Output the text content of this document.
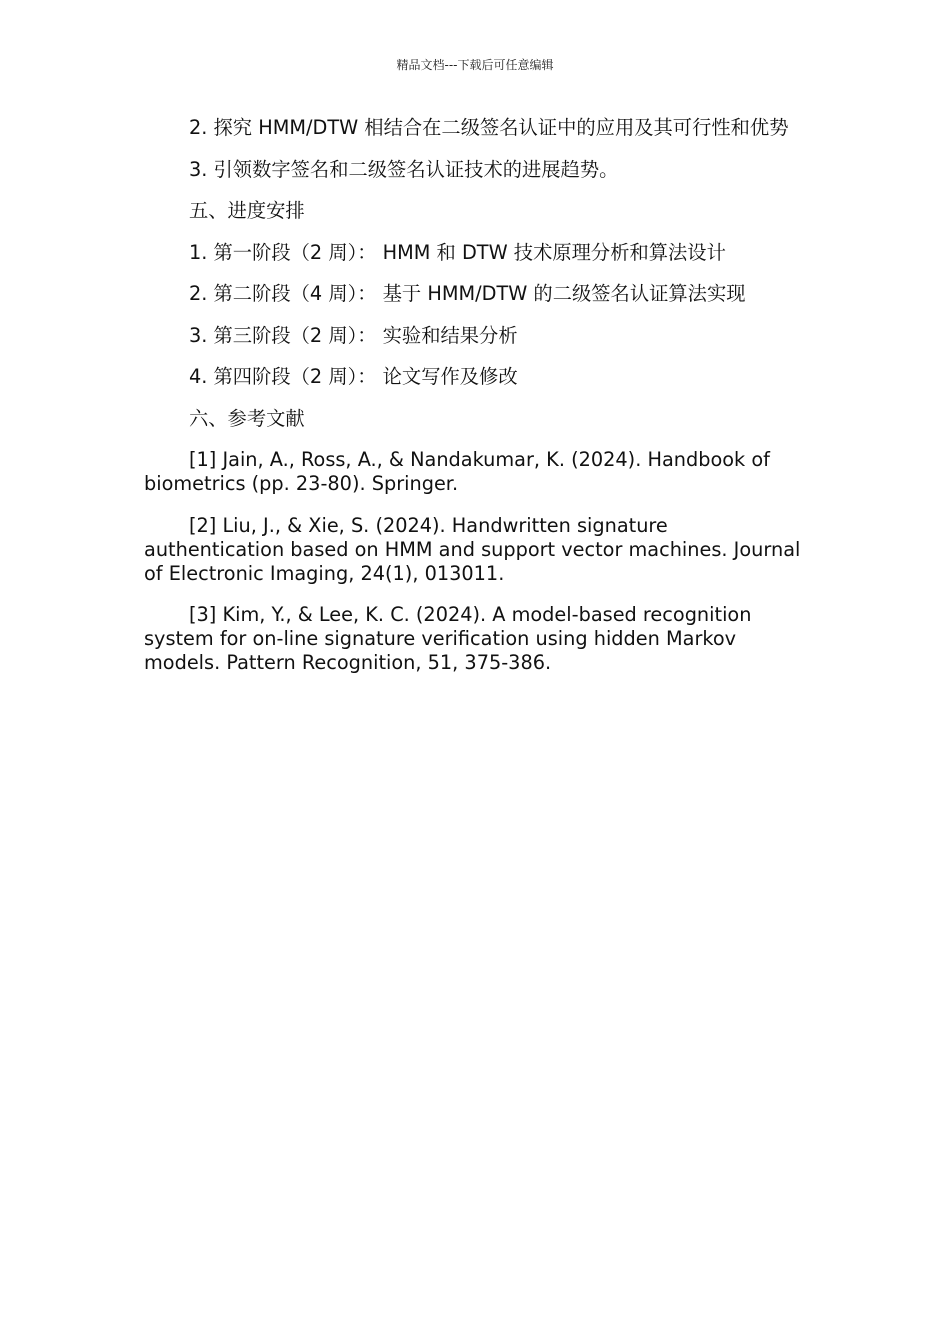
精品文档---下载后可任意编辑

2. 探究 HMM/DTW 相结合在二级签名认证中的应用及其可行性和优势

3. 引领数字签名和二级签名认证技术的进展趋势。

五、进度安排

1. 第一阶段（2 周）： HMM 和 DTW 技术原理分析和算法设计

2. 第二阶段（4 周）： 基于 HMM/DTW 的二级签名认证算法实现

3. 第三阶段（2 周）： 实验和结果分析

4. 第四阶段（2 周）： 论文写作及修改

六、参考文献

[1] Jain, A., Ross, A., & Nandakumar, K. (2024). Handbook of biometrics (pp. 23-80). Springer.

[2] Liu, J., & Xie, S. (2024). Handwritten signature authentication based on HMM and support vector machines. Journal of Electronic Imaging, 24(1), 013011.

[3] Kim, Y., & Lee, K. C. (2024). A model-based recognition system for on-line signature verification using hidden Markov models. Pattern Recognition, 51, 375-386.
